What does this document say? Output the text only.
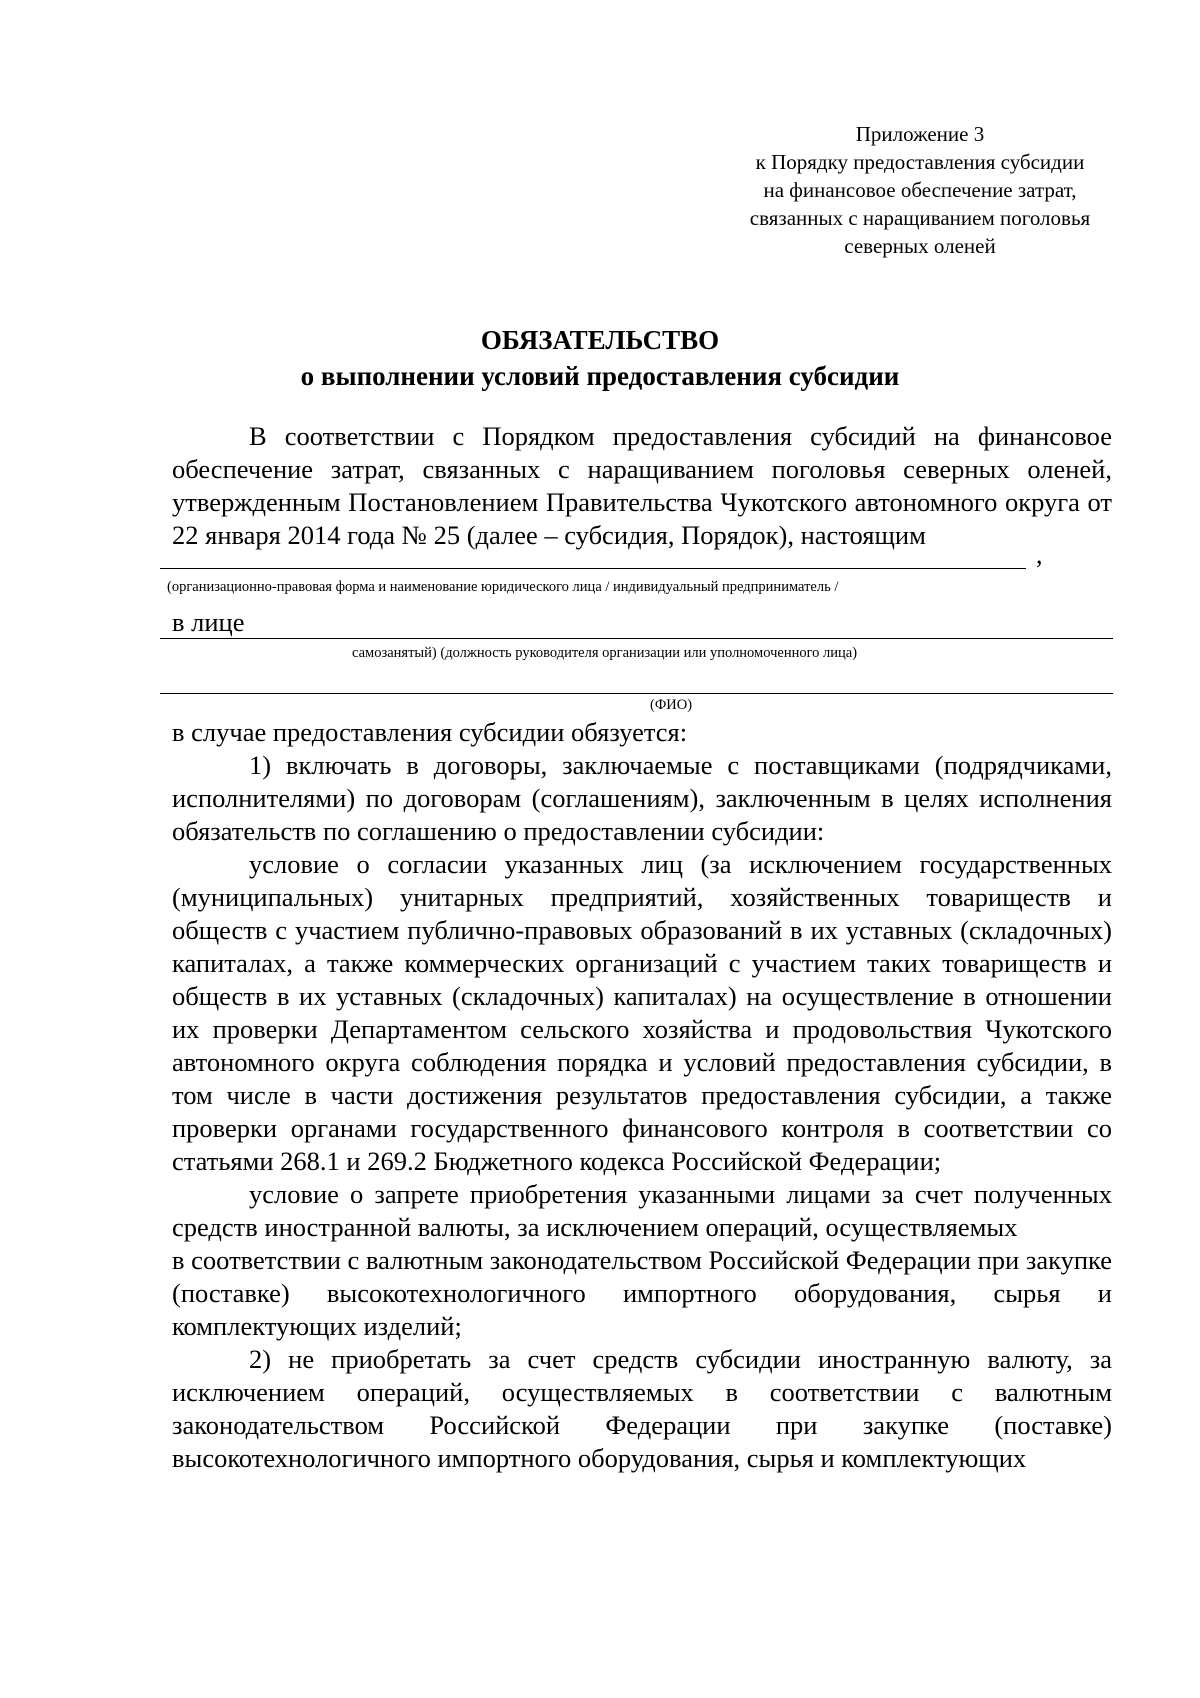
Приложение 3
к Порядку предоставления субсидии
на финансовое обеспечение затрат,
связанных с наращиванием поголовья
северных оленей
ОБЯЗАТЕЛЬСТВО
о выполнении условий предоставления субсидии

В соответствии с Порядком предоставления субсидий на финансовое обеспечение затрат, связанных с наращиванием поголовья северных оленей, утвержденным Постановлением Правительства Чукотского автономного округа от 22 января 2014 года № 25 (далее – субсидия, Порядок), настоящим

,
(организационно-правовая форма и наименование юридического лица / индивидуальный предприниматель /
в лице
самозанятый) (должность руководителя организации или уполномоченного лица)
(ФИО)

в случае предоставления субсидии обязуется:

1) включать в договоры, заключаемые с поставщиками (подрядчиками, исполнителями) по договорам (соглашениям), заключенным в целях исполнения обязательств по соглашению о предоставлении субсидии:

условие о согласии указанных лиц (за исключением государственных (муниципальных) унитарных предприятий, хозяйственных товариществ и обществ с участием публично-правовых образований в их уставных (складочных) капиталах, а также коммерческих организаций с участием таких товариществ и обществ в их уставных (складочных) капиталах) на осуществление в отношении их проверки Департаментом сельского хозяйства и продовольствия Чукотского автономного округа соблюдения порядка и условий предоставления субсидии, в том числе в части достижения результатов предоставления субсидии, а также проверки органами государственного финансового контроля в соответствии со статьями 268.1 и 269.2 Бюджетного кодекса Российской Федерации;

условие о запрете приобретения указанными лицами за счет полученных средств иностранной валюты, за исключением операций, осуществляемых

в соответствии с валютным законодательством Российской Федерации при закупке (поставке) высокотехнологичного импортного оборудования, сырья и комплектующих изделий;

2) не приобретать за счет средств субсидии иностранную валюту, за исключением операций, осуществляемых в соответствии с валютным законодательством Российской Федерации при закупке (поставке) высокотехнологичного импортного оборудования, сырья и комплектующих
